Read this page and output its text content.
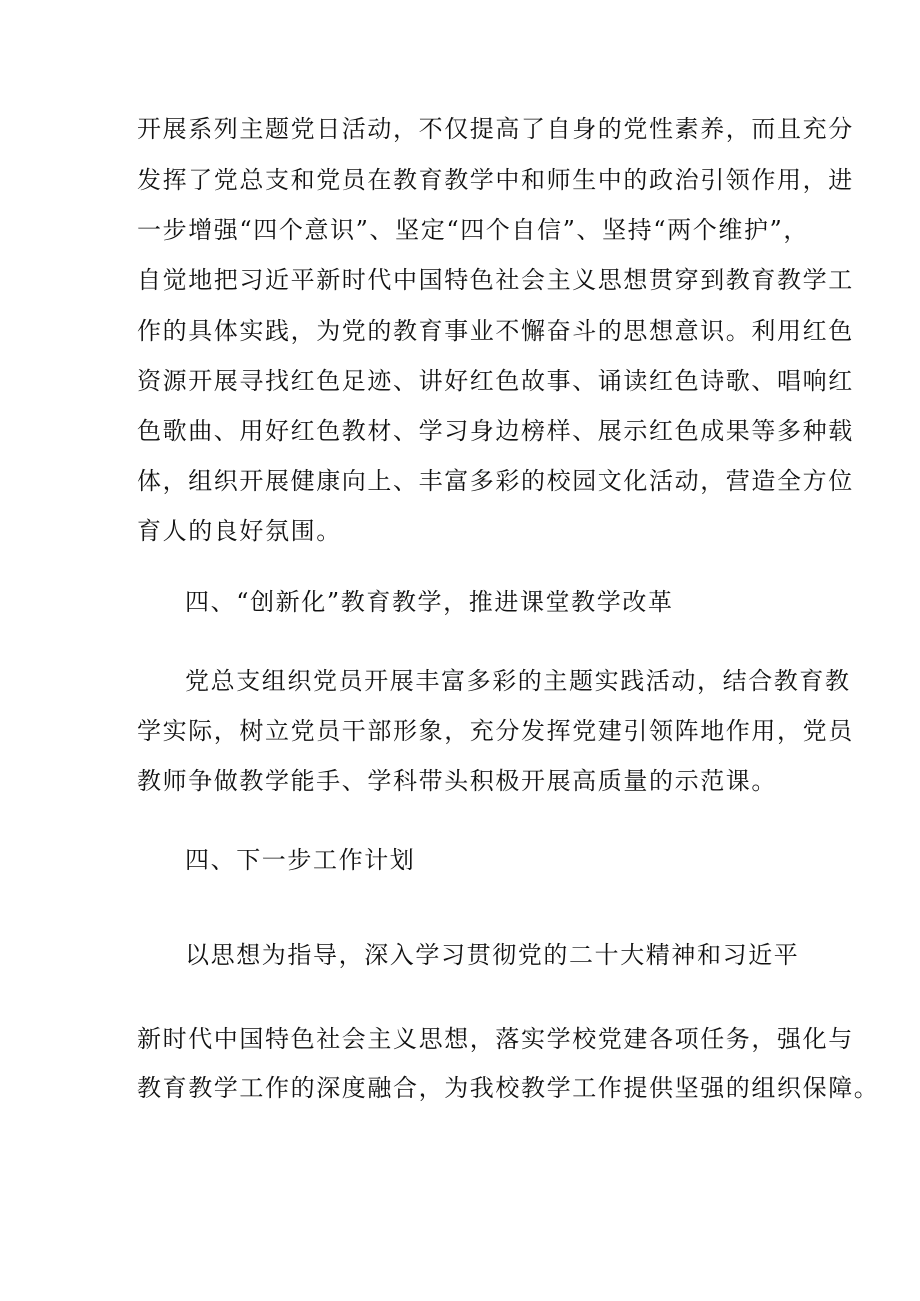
开展系列主题党日活动，不仅提高了自身的党性素养，而且充分
发挥了党总支和党员在教育教学中和师生中的政治引领作用，进
一步增强“四个意识”、坚定“四个自信”、坚持“两个维护”，
自觉地把习近平新时代中国特色社会主义思想贯穿到教育教学工
作的具体实践，为党的教育事业不懈奋斗的思想意识。利用红色
资源开展寻找红色足迹、讲好红色故事、诵读红色诗歌、唱响红
色歌曲、用好红色教材、学习身边榜样、展示红色成果等多种载
体，组织开展健康向上、丰富多彩的校园文化活动，营造全方位
育人的良好氛围。
四、“创新化”教育教学，推进课堂教学改革
党总支组织党员开展丰富多彩的主题实践活动，结合教育教
学实际，树立党员干部形象，充分发挥党建引领阵地作用，党员
教师争做教学能手、学科带头积极开展高质量的示范课。
四、下一步工作计划
以思想为指导，深入学习贯彻党的二十大精神和习近平
新时代中国特色社会主义思想，落实学校党建各项任务，强化与
教育教学工作的深度融合，为我校教学工作提供坚强的组织保障。
